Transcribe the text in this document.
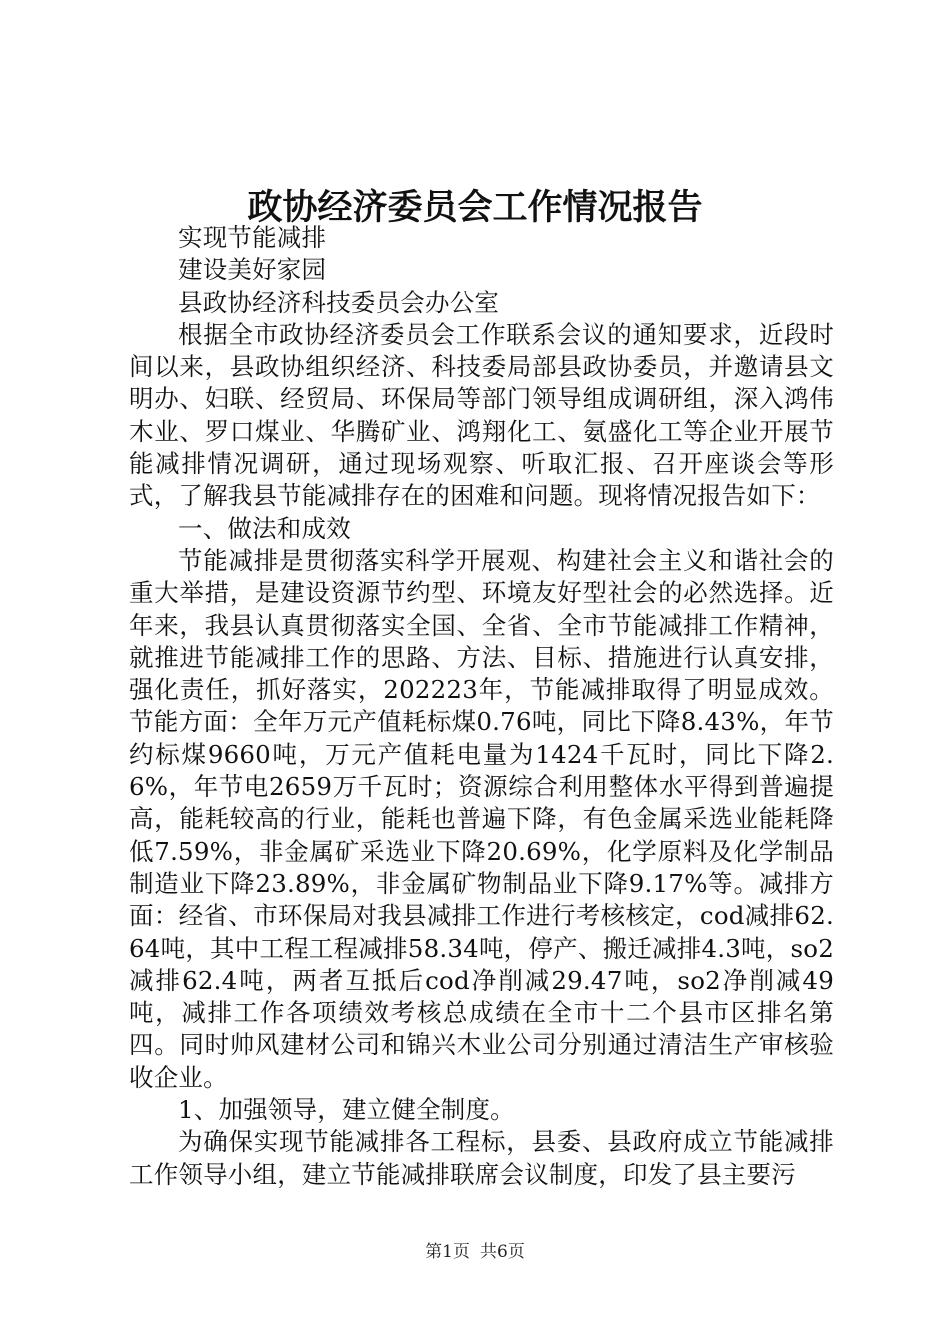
政协经济委员会工作情况报告

实现节能减排

建设美好家园

县政协经济科技委员会办公室

根据全市政协经济委员会工作联系会议的通知要求，近段时间以来，县政协组织经济、科技委局部县政协委员，并邀请县文明办、妇联、经贸局、环保局等部门领导组成调研组，深入鸿伟木业、罗口煤业、华腾矿业、鸿翔化工、氨盛化工等企业开展节能减排情况调研，通过现场观察、听取汇报、召开座谈会等形式，了解我县节能减排存在的困难和问题。现将情况报告如下：

一、做法和成效

节能减排是贯彻落实科学开展观、构建社会主义和谐社会的重大举措，是建设资源节约型、环境友好型社会的必然选择。近年来，我县认真贯彻落实全国、全省、全市节能减排工作精神，就推进节能减排工作的思路、方法、目标、措施进行认真安排，强化责任，抓好落实，202223年，节能减排取得了明显成效。节能方面：全年万元产值耗标煤0.76吨，同比下降8.43%，年节约标煤9660吨，万元产值耗电量为1424千瓦时，同比下降2.6%，年节电2659万千瓦时；资源综合利用整体水平得到普遍提高，能耗较高的行业，能耗也普遍下降，有色金属采选业能耗降低7.59%，非金属矿采选业下降20.69%，化学原料及化学制品制造业下降23.89%，非金属矿物制品业下降9.17%等。减排方面：经省、市环保局对我县减排工作进行考核核定，cod减排62.64吨，其中工程工程减排58.34吨，停产、搬迁减排4.3吨，so2减排62.4吨，两者互抵后cod净削减29.47吨，so2净削减49吨，减排工作各项绩效考核总成绩在全市十二个县市区排名第四。同时帅风建材公司和锦兴木业公司分别通过清洁生产审核验收企业。

1、加强领导，建立健全制度。

为确保实现节能减排各工程标，县委、县政府成立节能减排工作领导小组，建立节能减排联席会议制度，印发了县主要污

第1页 共6页
